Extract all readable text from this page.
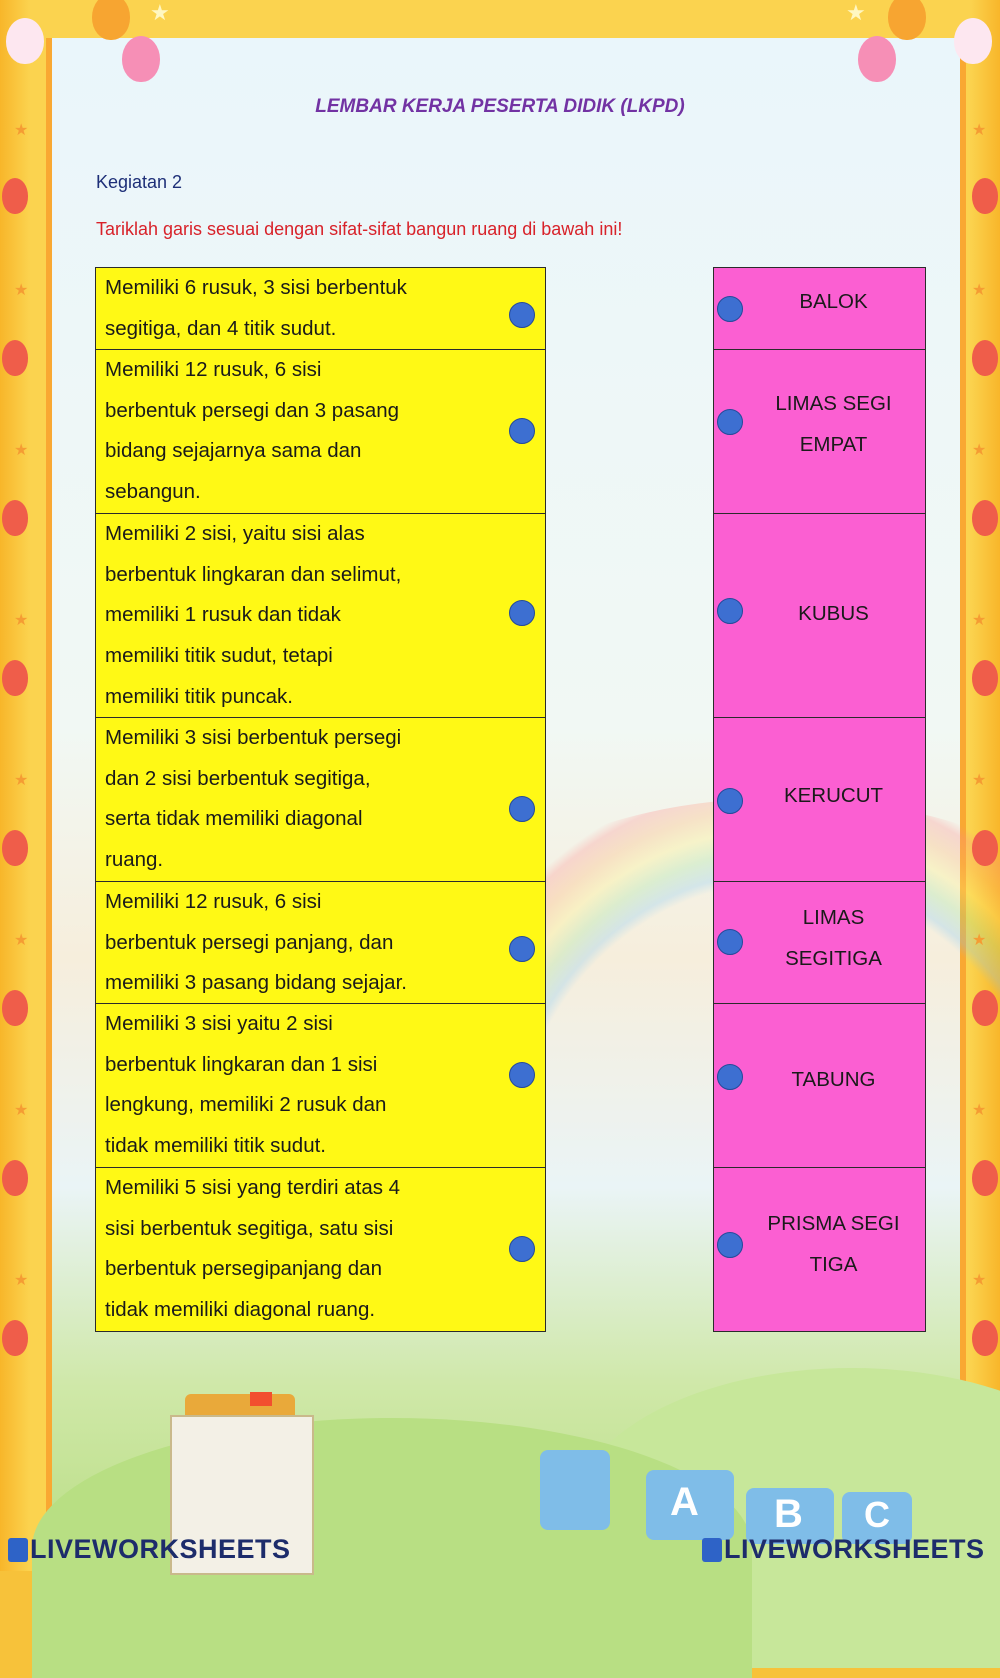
★	★
★
★
★
★
★
★
★
★
★
★
★
★
★
★
★
★
LEMBAR KERJA PESERTA DIDIK (LKPD)
Kegiatan 2
Tariklah garis sesuai dengan sifat-sifat bangun ruang di bawah ini!
Memiliki 6 rusuk, 3 sisi berbentuk
segitiga, dan 4 titik sudut.
Memiliki 12 rusuk, 6 sisi
berbentuk persegi dan 3 pasang
bidang sejajarnya sama dan
sebangun.
Memiliki 2 sisi, yaitu sisi alas
berbentuk lingkaran dan selimut,
memiliki 1 rusuk dan tidak
memiliki titik sudut, tetapi
memiliki titik puncak.
Memiliki 3 sisi berbentuk persegi
dan 2 sisi berbentuk segitiga,
serta tidak memiliki diagonal
ruang.
Memiliki 12 rusuk, 6 sisi
berbentuk persegi panjang, dan
memiliki 3 pasang bidang sejajar.
Memiliki 3 sisi yaitu 2 sisi
berbentuk lingkaran dan 1 sisi
lengkung, memiliki 2 rusuk dan
tidak memiliki titik sudut.
Memiliki 5 sisi yang terdiri atas 4
sisi berbentuk segitiga, satu sisi
berbentuk persegipanjang dan
tidak memiliki diagonal ruang.
BALOK
LIMAS SEGI
EMPAT
KUBUS
KERUCUT
LIMAS
SEGITIGA
TABUNG
PRISMA SEGI
TIGA
A B C
LIVEWORKSHEETS	LIVEWORKSHEETS
